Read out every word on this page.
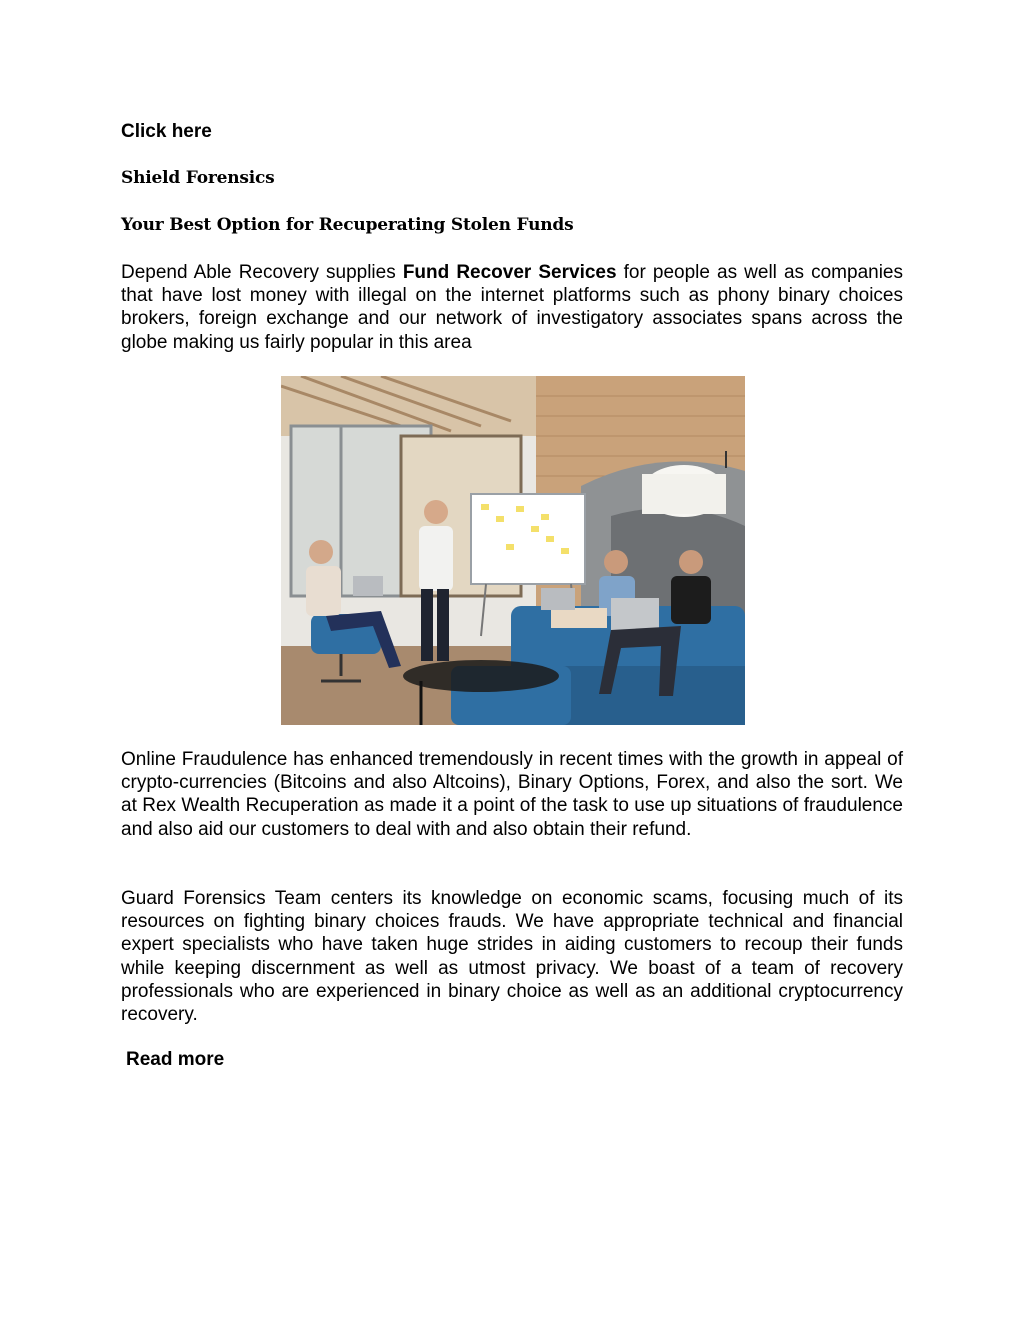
Click here
Shield Forensics
Your Best Option for Recuperating Stolen Funds

Depend Able Recovery supplies Fund Recover Services for people as well as companies that have lost money with illegal on the internet platforms such as phony binary choices brokers, foreign exchange and our network of investigatory associates spans across the globe making us fairly popular in this area

Online Fraudulence has enhanced tremendously in recent times with the growth in appeal of crypto-currencies (Bitcoins and also Altcoins), Binary Options, Forex, and also the sort. We at Rex Wealth Recuperation as made it a point of the task to use up situations of fraudulence and also aid our customers to deal with and also obtain their refund.

Guard Forensics Team centers its knowledge on economic scams, focusing much of its resources on fighting binary choices frauds. We have appropriate technical and financial expert specialists who have taken huge strides in aiding customers to recoup their funds while keeping discernment as well as utmost privacy. We boast of a team of recovery professionals who are experienced in binary choice as well as an additional cryptocurrency recovery.

Read more
